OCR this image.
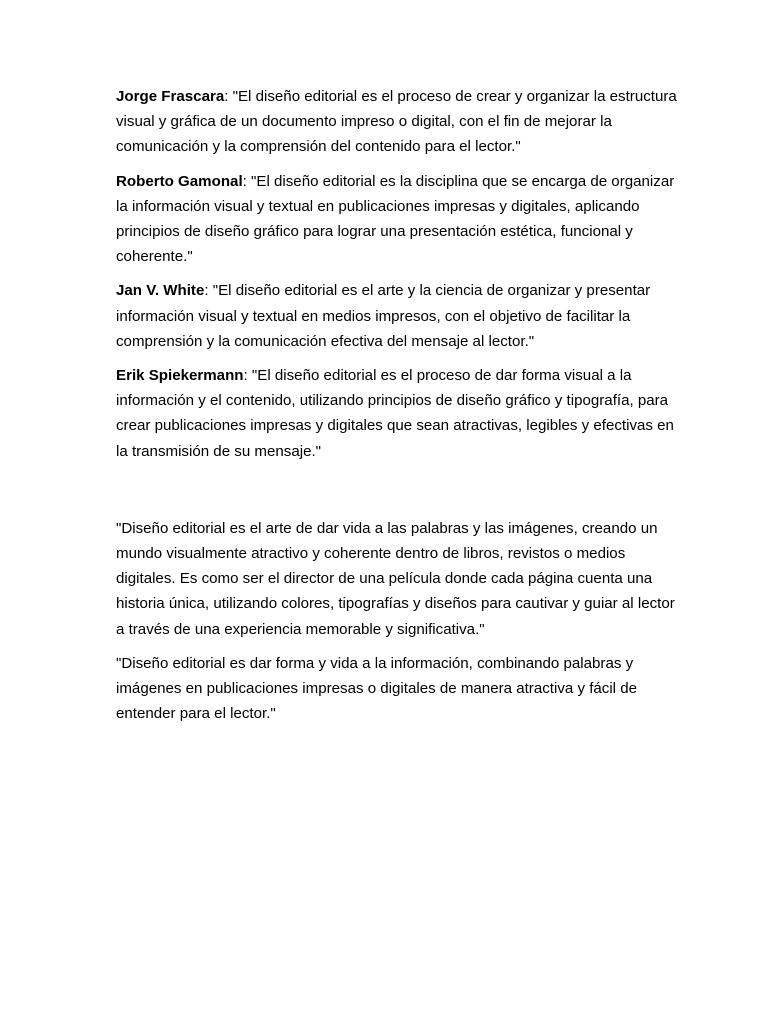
Jorge Frascara: "El diseño editorial es el proceso de crear y organizar la estructura visual y gráfica de un documento impreso o digital, con el fin de mejorar la comunicación y la comprensión del contenido para el lector."

Roberto Gamonal: "El diseño editorial es la disciplina que se encarga de organizar la información visual y textual en publicaciones impresas y digitales, aplicando principios de diseño gráfico para lograr una presentación estética, funcional y coherente."

Jan V. White: "El diseño editorial es el arte y la ciencia de organizar y presentar información visual y textual en medios impresos, con el objetivo de facilitar la comprensión y la comunicación efectiva del mensaje al lector."

Erik Spiekermann: "El diseño editorial es el proceso de dar forma visual a la información y el contenido, utilizando principios de diseño gráfico y tipografía, para crear publicaciones impresas y digitales que sean atractivas, legibles y efectivas en la transmisión de su mensaje."

"Diseño editorial es el arte de dar vida a las palabras y las imágenes, creando un mundo visualmente atractivo y coherente dentro de libros, revistos o medios digitales. Es como ser el director de una película donde cada página cuenta una historia única, utilizando colores, tipografías y diseños para cautivar y guiar al lector a través de una experiencia memorable y significativa."

"Diseño editorial es dar forma y vida a la información, combinando palabras y imágenes en publicaciones impresas o digitales de manera atractiva y fácil de entender para el lector."
